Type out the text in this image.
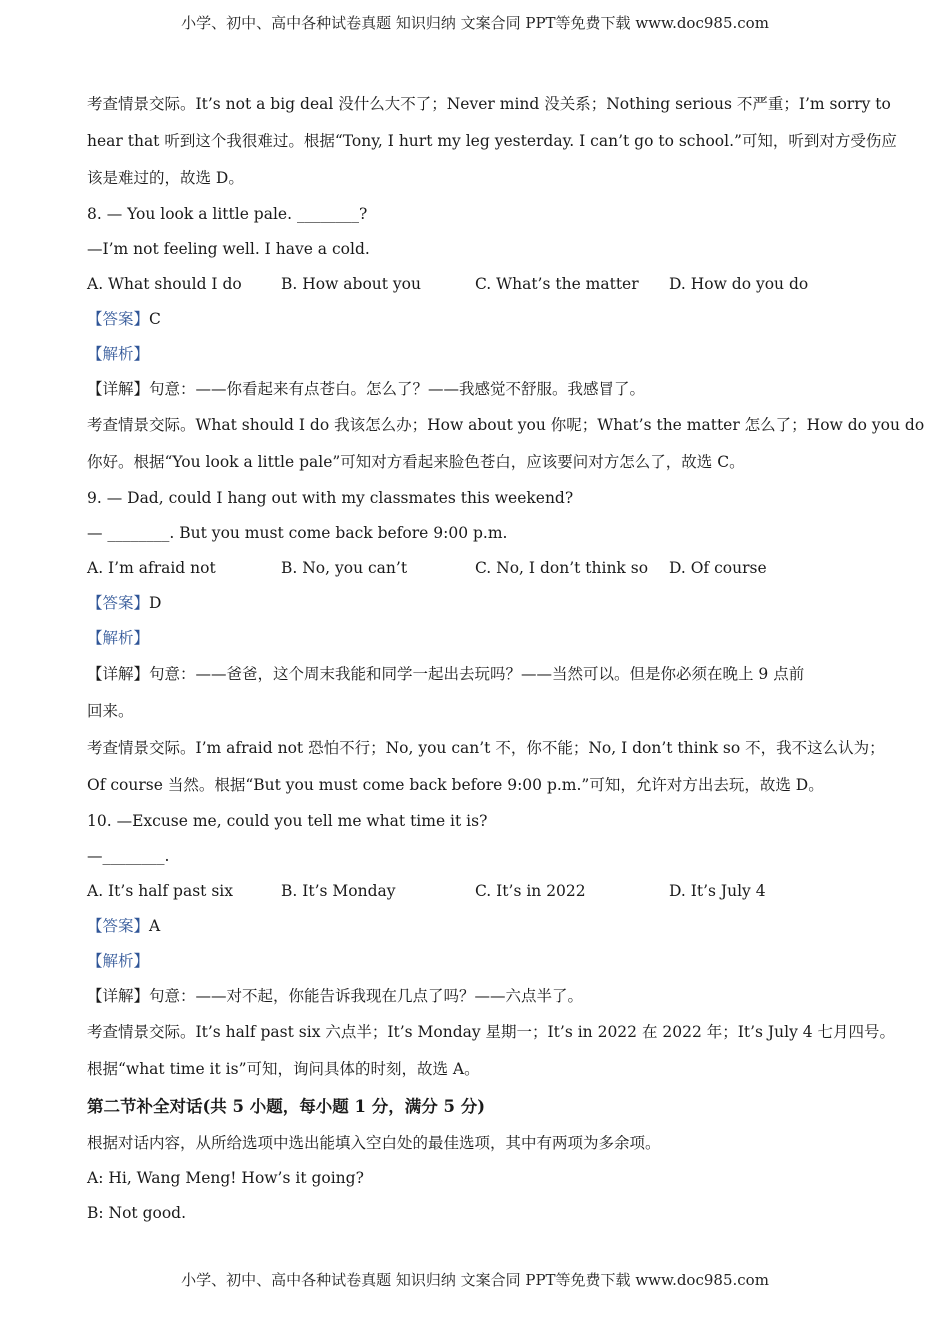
小学、初中、高中各种试卷真题 知识归纳 文案合同 PPT等免费下载 www.doc985.com
考查情景交际。It’s not a big deal 没什么大不了；Never mind 没关系；Nothing serious 不严重；I’m sorry to
hear that 听到这个我很难过。根据“Tony, I hurt my leg yesterday. I can’t go to school.”可知，听到对方受伤应
该是难过的，故选 D。
8. — You look a little pale. ________?
—I’m not feeling well. I have a cold.
A. What should I do	B. How about you	C. What’s the matter	D. How do you do
【答案】C
【解析】
【详解】句意：——你看起来有点苍白。怎么了？——我感觉不舒服。我感冒了。
考查情景交际。What should I do 我该怎么办；How about you 你呢；What’s the matter 怎么了；How do you do
你好。根据“You look a little pale”可知对方看起来脸色苍白，应该要问对方怎么了，故选 C。
9. — Dad, could I hang out with my classmates this weekend?
— ________. But you must come back before 9:00 p.m.
A. I’m afraid not	B. No, you can’t	C. No, I don’t think so	D. Of course
【答案】D
【解析】
【详解】句意：——爸爸，这个周末我能和同学一起出去玩吗？——当然可以。但是你必须在晚上 9 点前
回来。
考查情景交际。I’m afraid not 恐怕不行；No, you can’t 不，你不能；No, I don’t think so 不，我不这么认为；
Of course 当然。根据“But you must come back before 9:00 p.m.”可知，允许对方出去玩，故选 D。
10. —Excuse me, could you tell me what time it is?
—________.
A. It’s half past six	B. It’s Monday	C. It’s in 2022	D. It’s July 4
【答案】A
【解析】
【详解】句意：——对不起，你能告诉我现在几点了吗？——六点半了。
考查情景交际。It’s half past six 六点半；It’s Monday 星期一；It’s in 2022 在 2022 年；It’s July 4 七月四号。
根据“what time it is”可知，询问具体的时刻，故选 A。
第二节补全对话(共 5 小题，每小题 1 分，满分 5 分)
根据对话内容，从所给选项中选出能填入空白处的最佳选项，其中有两项为多余项。
A: Hi, Wang Meng! How’s it going?
B: Not good.
小学、初中、高中各种试卷真题 知识归纳 文案合同 PPT等免费下载 www.doc985.com
